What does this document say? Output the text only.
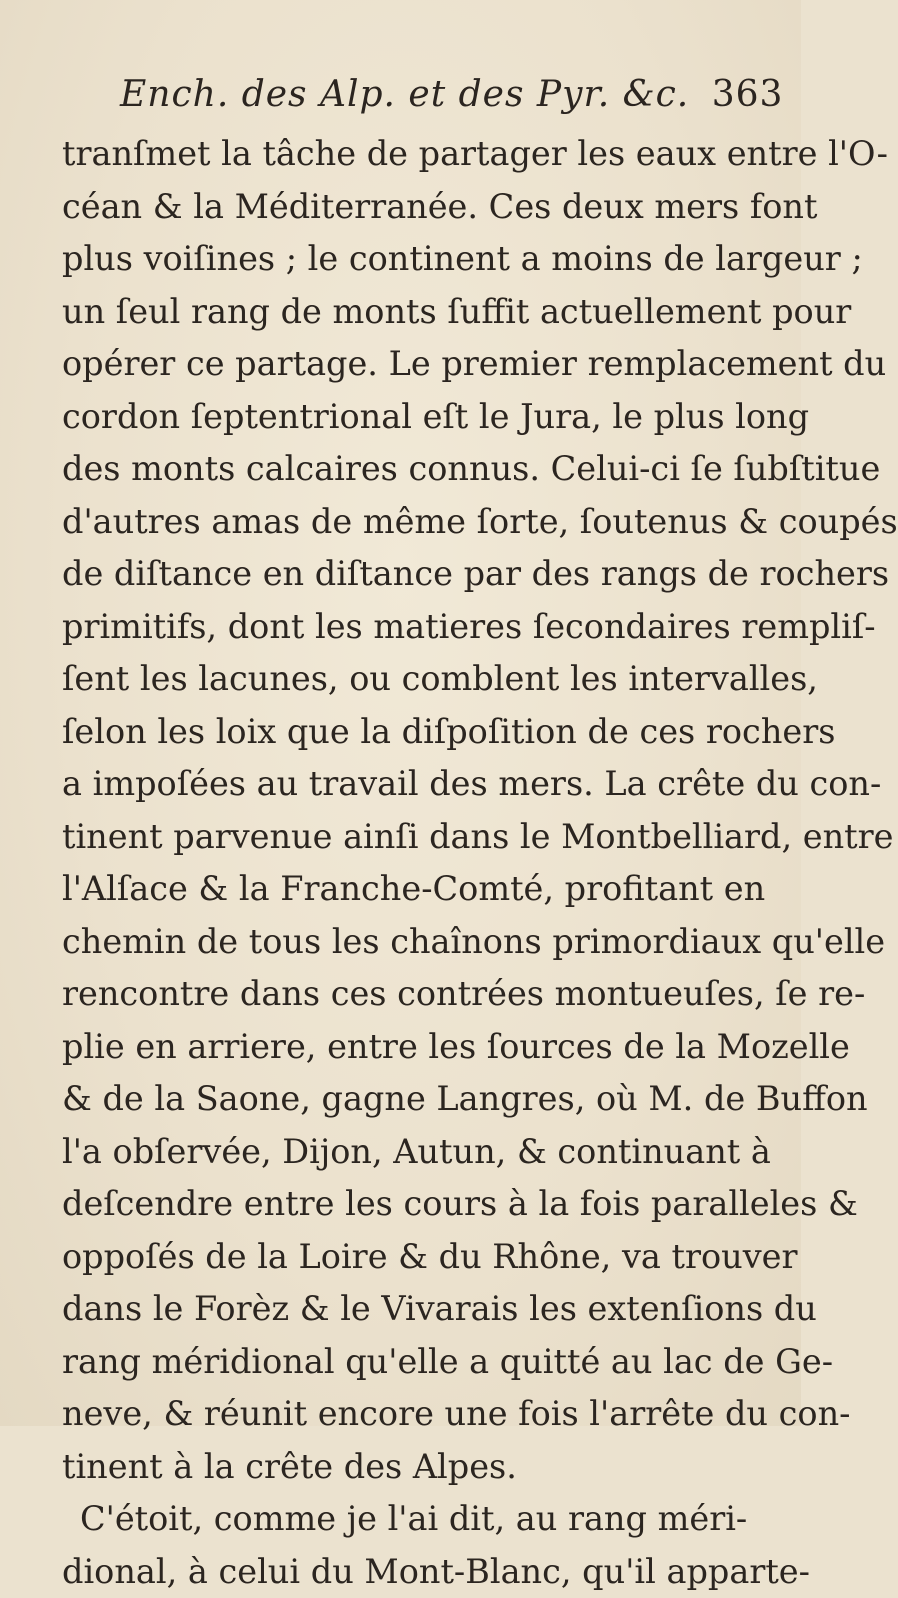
Ench. des Alp. et des Pyr. &c. 363
tranſmet la tâche de partager les eaux entre l'O-
céan & la Méditerranée. Ces deux mers font
plus voiſines ; le continent a moins de largeur ;
un ſeul rang de monts ſuffit actuellement pour
opérer ce partage. Le premier remplacement du
cordon ſeptentrional eſt le Jura, le plus long
des monts calcaires connus. Celui-ci ſe ſubſtitue
d'autres amas de même ſorte, ſoutenus & coupés
de diſtance en diſtance par des rangs de rochers
primitifs, dont les matieres ſecondaires rempliſ-
ſent les lacunes, ou comblent les intervalles,
ſelon les loix que la diſpoſition de ces rochers
a impoſées au travail des mers. La crête du con-
tinent parvenue ainſi dans le Montbelliard, entre
l'Alſace & la Franche-Comté, profitant en
chemin de tous les chaînons primordiaux qu'elle
rencontre dans ces contrées montueuſes, ſe re-
plie en arriere, entre les ſources de la Mozelle
& de la Saone, gagne Langres, où M. de Buffon
l'a obſervée, Dijon, Autun, & continuant à
deſcendre entre les cours à la fois paralleles &
oppoſés de la Loire & du Rhône, va trouver
dans le Forèz & le Vivarais les extenſions du
rang méridional qu'elle a quitté au lac de Ge-
neve, & réunit encore une fois l'arrête du con-
tinent à la crête des Alpes.
C'étoit, comme je l'ai dit, au rang méri-
dional, à celui du Mont-Blanc, qu'il apparte-
